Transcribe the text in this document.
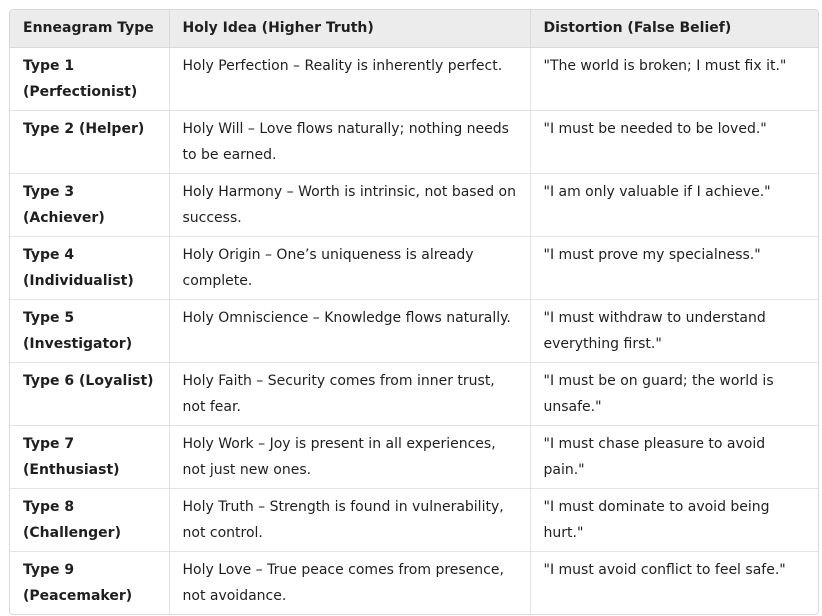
Enneagram Type	Holy Idea (Higher Truth)	Distortion (False Belief)
Type 1 (Perfectionist)	Holy Perfection – Reality is inherently perfect.	"The world is broken; I must fix it."
Type 2 (Helper)	Holy Will – Love flows naturally; nothing needs to be earned.	"I must be needed to be loved."
Type 3 (Achiever)	Holy Harmony – Worth is intrinsic, not based on success.	"I am only valuable if I achieve."
Type 4 (Individualist)	Holy Origin – One’s uniqueness is already complete.	"I must prove my specialness."
Type 5 (Investigator)	Holy Omniscience – Knowledge flows naturally.	"I must withdraw to understand everything first."
Type 6 (Loyalist)	Holy Faith – Security comes from inner trust, not fear.	"I must be on guard; the world is unsafe."
Type 7 (Enthusiast)	Holy Work – Joy is present in all experiences, not just new ones.	"I must chase pleasure to avoid pain."
Type 8 (Challenger)	Holy Truth – Strength is found in vulnerability, not control.	"I must dominate to avoid being hurt."
Type 9 (Peacemaker)	Holy Love – True peace comes from presence, not avoidance.	"I must avoid conflict to feel safe."
